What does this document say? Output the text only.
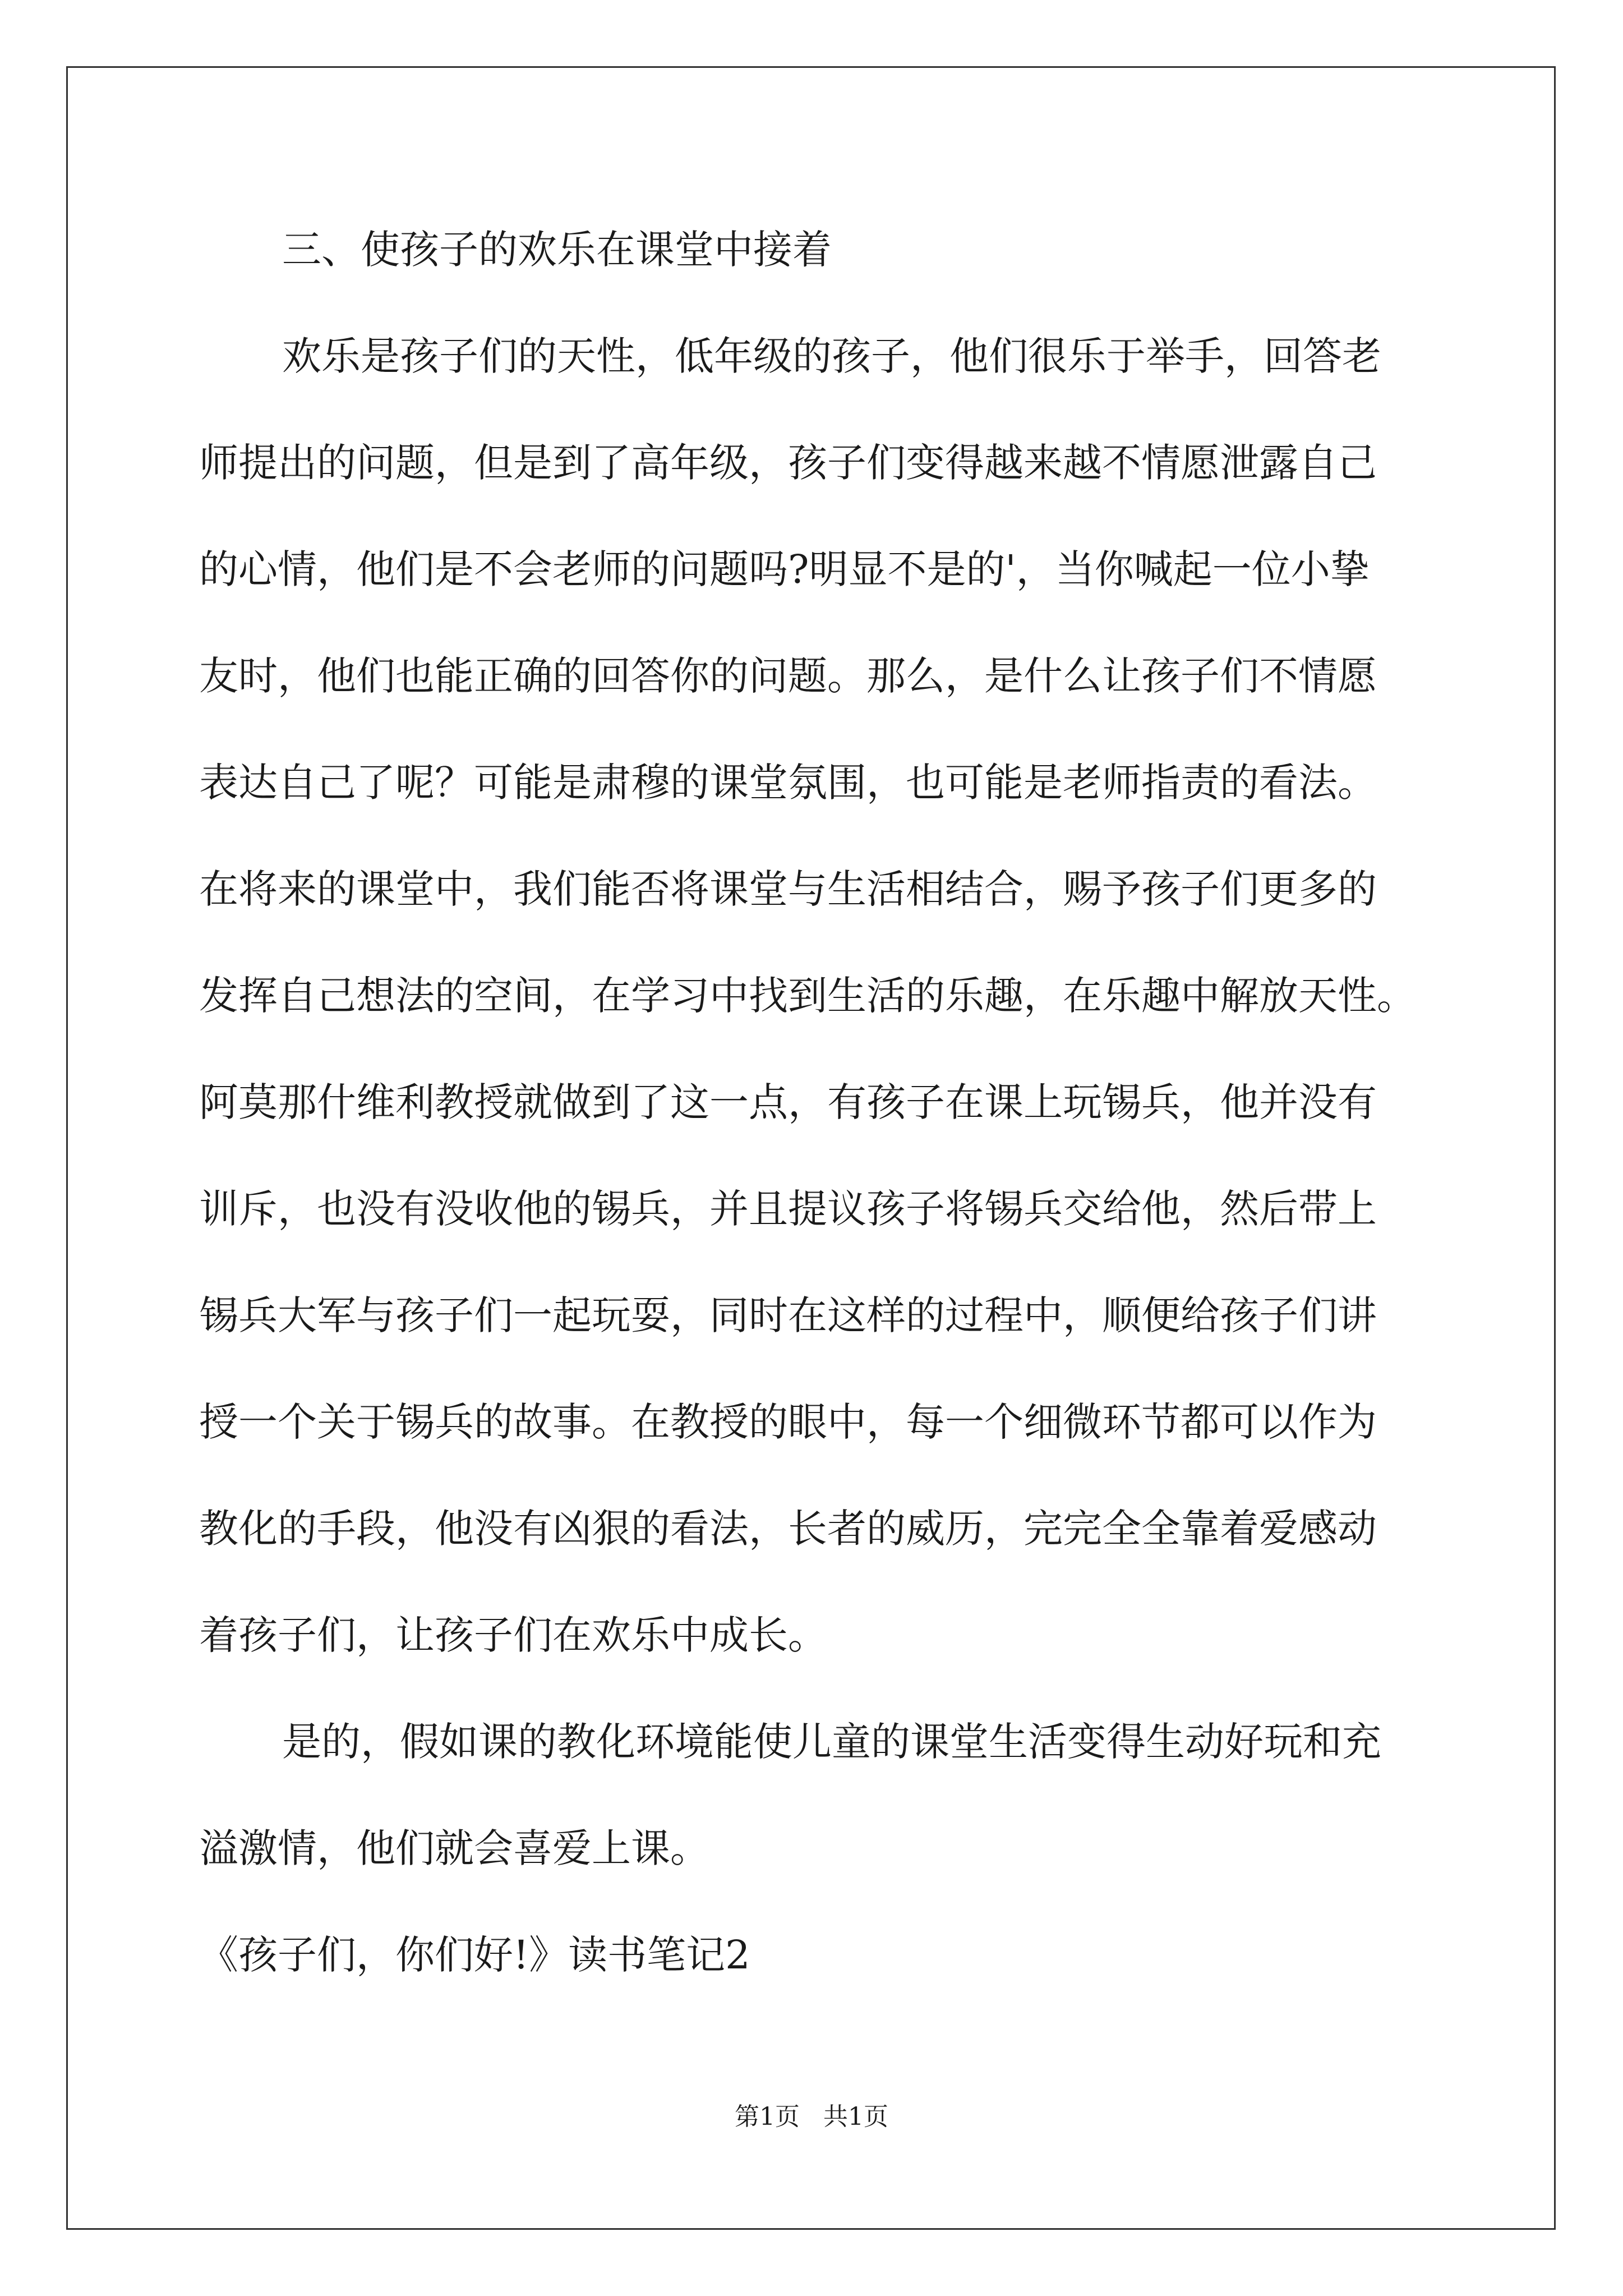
三、使孩子的欢乐在课堂中接着
欢乐是孩子们的天性，低年级的孩子，他们很乐于举手，回答老
师提出的问题，但是到了高年级，孩子们变得越来越不情愿泄露自己
的心情，他们是不会老师的问题吗?明显不是的'，当你喊起一位小挚
友时，他们也能正确的回答你的问题。那么，是什么让孩子们不情愿
表达自己了呢？可能是肃穆的课堂氛围，也可能是老师指责的看法。
在将来的课堂中，我们能否将课堂与生活相结合，赐予孩子们更多的
发挥自己想法的空间，在学习中找到生活的乐趣，在乐趣中解放天性。
阿莫那什维利教授就做到了这一点，有孩子在课上玩锡兵，他并没有
训斥，也没有没收他的锡兵，并且提议孩子将锡兵交给他，然后带上
锡兵大军与孩子们一起玩耍，同时在这样的过程中，顺便给孩子们讲
授一个关于锡兵的故事。在教授的眼中，每一个细微环节都可以作为
教化的手段，他没有凶狠的看法，长者的威历，完完全全靠着爱感动
着孩子们，让孩子们在欢乐中成长。
是的，假如课的教化环境能使儿童的课堂生活变得生动好玩和充
溢激情，他们就会喜爱上课。
《孩子们，你们好!》读书笔记2
第1页   共1页
